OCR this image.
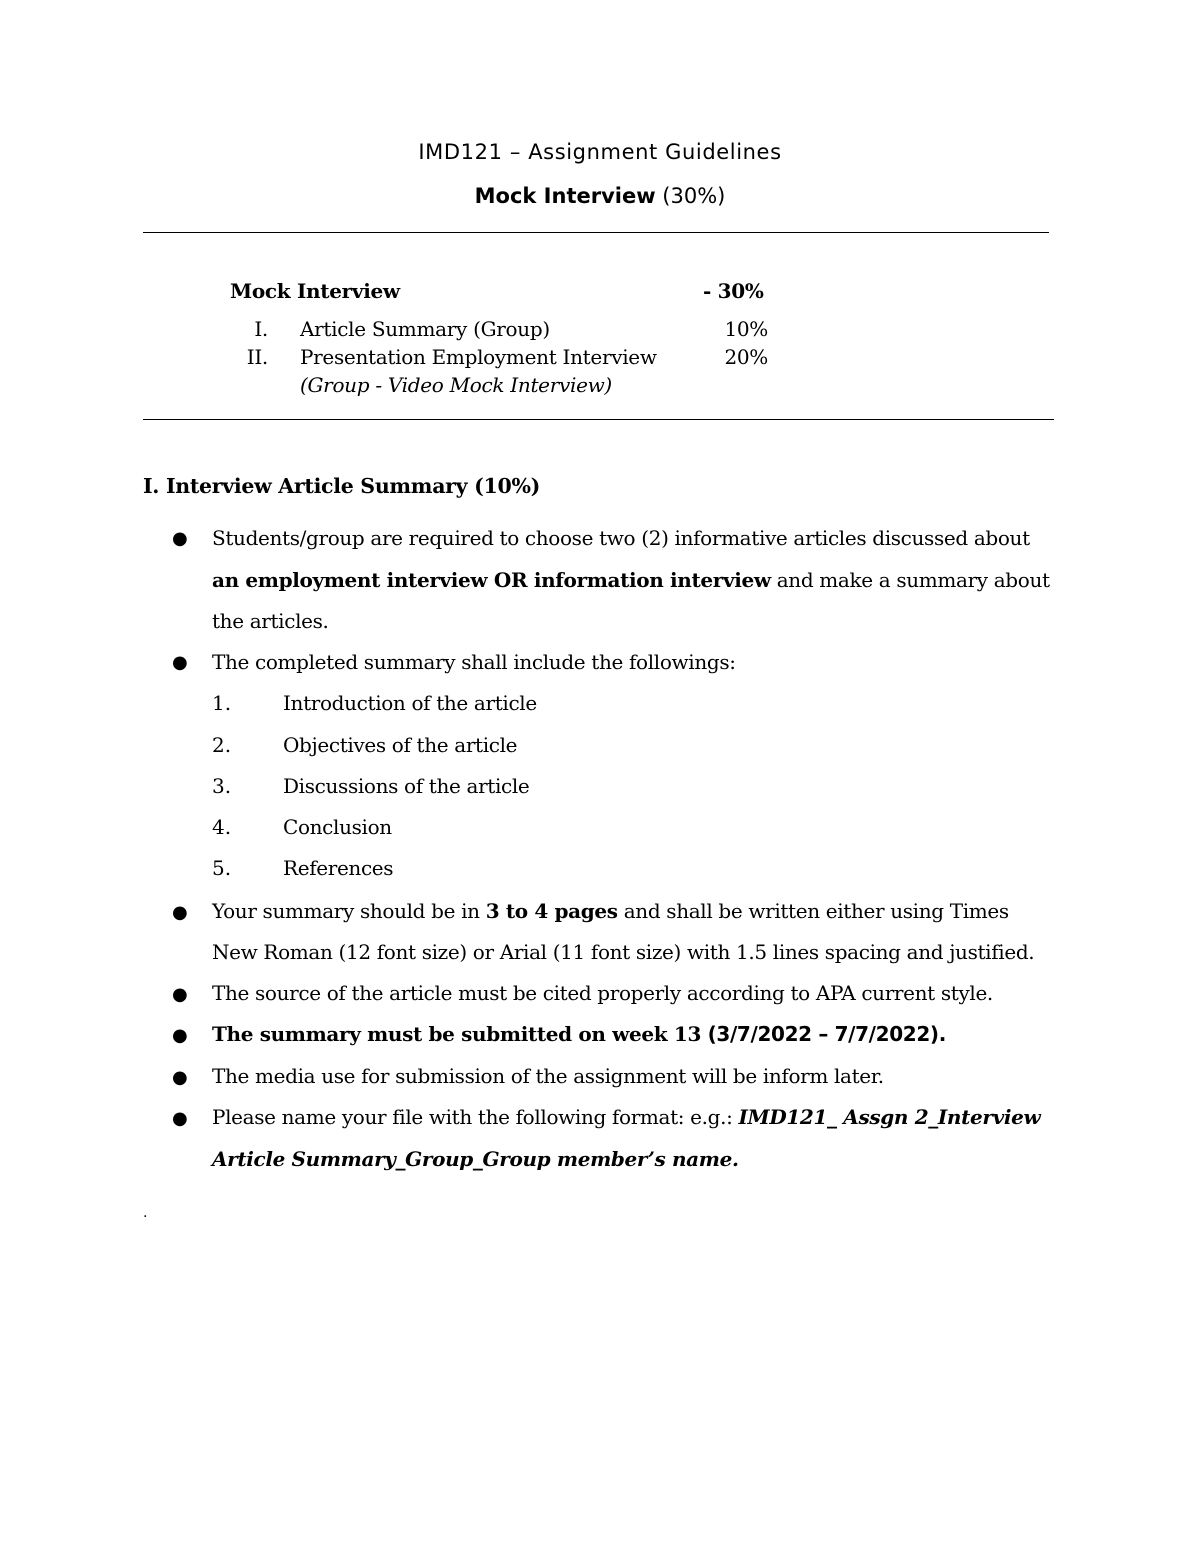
IMD121 – Assignment Guidelines
Mock Interview (30%)
Mock Interview	- 30%
I. Article Summary (Group)	10%
II. Presentation Employment Interview	20%
(Group - Video Mock Interview)
I. Interview Article Summary (10%)
● Students/group are required to choose two (2) informative articles discussed about
an employment interview OR information interview and make a summary about
the articles.
● The completed summary shall include the followings:
1.	Introduction of the article
2.	Objectives of the article
3.	Discussions of the article
4.	Conclusion
5.	References
● Your summary should be in 3 to 4 pages and shall be written either using Times
New Roman (12 font size) or Arial (11 font size) with 1.5 lines spacing and justified.
● The source of the article must be cited properly according to APA current style.
● The summary must be submitted on week 13 (3/7/2022 – 7/7/2022).
● The media use for submission of the assignment will be inform later.
● Please name your file with the following format: e.g.: IMD121_ Assgn 2_Interview
Article Summary_Group_Group member’s name.
.
